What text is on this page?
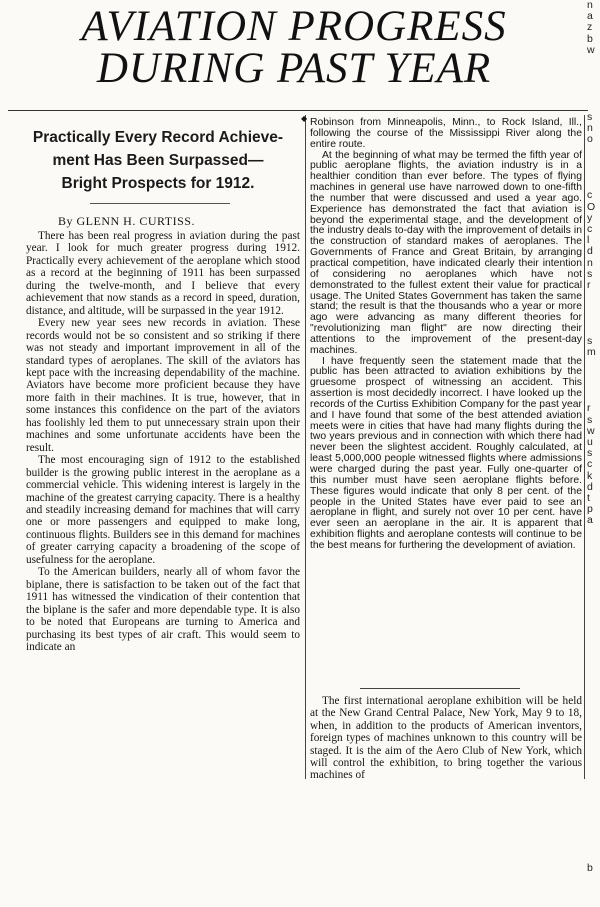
AVIATION PROGRESS
DURING PAST YEAR
◆
Practically Every Record Achieve-
ment Has Been Surpassed—
Bright Prospects for 1912.
By GLENN H. CURTISS.

There has been real progress in aviation during the past year. I look for much greater progress during 1912. Practically every achievement of the aeroplane which stood as a record at the beginning of 1911 has been surpassed during the twelve-month, and I believe that every achievement that now stands as a record in speed, duration, distance, and altitude, will be surpassed in the year 1912.

Every new year sees new records in aviation. These records would not be so consistent and so striking if there was not steady and important improvement in all of the standard types of aeroplanes. The skill of the aviators has kept pace with the increasing dependability of the machine. Aviators have become more proficient because they have more faith in their machines. It is true, however, that in some instances this confidence on the part of the aviators has foolishly led them to put unnecessary strain upon their machines and some unfortunate accidents have been the result.

The most encouraging sign of 1912 to the established builder is the growing public interest in the aeroplane as a commercial vehicle. This widening interest is largely in the machine of the greatest carrying capacity. There is a healthy and steadily increasing demand for machines that will carry one or more passengers and equipped to make long, continuous flights. Builders see in this demand for machines of greater carrying capacity a broadening of the scope of usefulness for the aeroplane.

To the American builders, nearly all of whom favor the biplane, there is satisfaction to be taken out of the fact that 1911 has witnessed the vindication of their contention that the biplane is the safer and more dependable type. It is also to be noted that Europeans are turning to America and purchasing its best types of air craft. This would seem to indicate an

Robinson from Minneapolis, Minn., to Rock Island, Ill., following the course of the Mississippi River along the entire route.

At the beginning of what may be termed the fifth year of public aeroplane flights, the aviation industry is in a healthier condition than ever before. The types of flying machines in general use have narrowed down to one-fifth the number that were discussed and used a year ago. Experience has demonstrated the fact that aviation is beyond the experimental stage, and the development of the industry deals to-day with the improvement of details in the construction of standard makes of aeroplanes. The Governments of France and Great Britain, by arranging practical competition, have indicated clearly their intention of considering no aeroplanes which have not demonstrated to the fullest extent their value for practical usage. The United States Government has taken the same stand; the result is that the thousands who a year or more ago were advancing as many different theories for "revolutionizing man flight" are now directing their attentions to the improvement of the present-day machines.

I have frequently seen the statement made that the public has been attracted to aviation exhibitions by the gruesome prospect of witnessing an accident. This assertion is most decidedly incorrect. I have looked up the records of the Curtiss Exhibition Company for the past year and I have found that some of the best attended aviation meets were in cities that have had many flights during the two years previous and in connection with which there had never been the slightest accident. Roughly calculated, at least 5,000,000 people witnessed flights where admissions were charged during the past year. Fully one-quarter of this number must have seen aeroplane flights before. These figures would indicate that only 8 per cent. of the people in the United States have ever paid to see an aeroplane in flight, and surely not over 10 per cent. have ever seen an aeroplane in the air. It is apparent that exhibition flights and aeroplane contests will continue to be the best means for furthering the development of aviation.

The first international aeroplane exhibition will be held at the New Grand Central Palace, New York, May 9 to 18, when, in addition to the products of American inventors, foreign types of machines unknown to this country will be staged. It is the aim of the Aero Club of New York, which will control the exhibition, to bring together the various machines of

n
a
z
b
w

s
n
o

c
O
y
c
l
d
n
s
r

s
m

r
s
w
u
s
c
k
d
t
p
a

b
